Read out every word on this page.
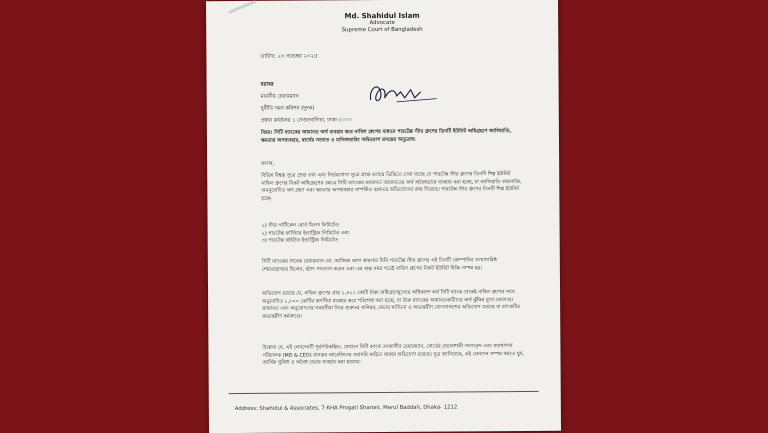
Md. Shahidul Islam
Advocate
Supreme Court of Bangladesh
তারিখ: ২০ নভেম্বর ২০২৫
বরাবর
মাননীয় চেয়ারম্যান
দুর্নীতি দমন কমিশন (দুদক)
প্রধান কার্যালয় ১ সেগুনবাগিচা, ঢাকা-১০০০
বিষয়: সিটি ব্যাংকের জামানত অর্থ ব্যবহার করে নাবিল গ্রুপের মাধ্যমে পারটেক্স স্টার গ্রুপের তিনটি ইউনিট অধিগ্রহণে জালিয়াতি, ক্ষমতার অপব্যবহার, স্বার্থের সংঘাত ও মানিলন্ডারিং অভিযোগ তদন্তের অনুরোধ।
জনাব,
বিভিন্ন বিশ্বস্ত সূত্রে প্রাপ্ত তথ্য এবং নির্ভরযোগ্য সূত্রে প্রাপ্ত তথ্যের ভিত্তিতে দেখা যাচ্ছে যে পারটেক্স স্টার গ্রুপের তিনটি শিল্প ইউনিট নাবিল গ্রুপের নিকট অধিগ্রহণের ক্ষেত্রে সিটি ব্যাংকের জামানত আমানতের অর্থ অবৈধভাবে ব্যবহার করা হচ্ছে, যা জালিয়াতি কারসাজি, অননুমোদিত ঋণ গ্রহণ এবং ক্ষমতার অপব্যবহার সম্পর্কিত গুরুতর অভিযোগের জন্ম দিয়েছে। পারটেক্স স্টার গ্রুপের তিনটি শিল্প ইউনিট হচ্ছে-
১) স্টার পার্টিকেল বোর্ড মিলস লিমিটেড
২) পারটেক্স ফার্নিচার ইন্ডাস্ট্রিজ লিমিটেড এবং
৩) পারটেক্স প্লাইউড ইন্ডাস্ট্রিজ লিমিটেড
সিটি ব্যাংকের সাবেক চেয়ারম্যান মো. আজিজ আল কায়সার যিনি পারটেক্স স্টার গ্রুপের এই তিনটি কোম্পানির সংখ্যাগরিষ্ঠ শেয়ারহোল্ডার ছিলেন, হঠাৎ পদত্যাগ করেন এবং এর অল্প সময় পরেই নাবিল গ্রুপের নিকট ইউনিট বিক্রি সম্পন্ন হয়।
অভিযোগ রয়েছে যে, নাবিল গ্রুপের প্রায় ১,৪০০ কোটি টাকা অধিগ্রহণমূল্যের অধিকাংশ অর্থ সিটি ব্যাংক থেকেই নাবিল গ্রুপের নামে অনুমোদিত ১,৮০০ কোটির ঋণসীমা ব্যবহার করে পরিশোধ করা হচ্ছে, যা উক্ত ব্যাংকের আমানতকারীদের অর্থ ঝুঁকির মুখে ফেলেছে। জামানত এবং অনুমোদনের সময়সীমা নিয়ে গুরুতর অনিয়ম, প্রভাব খাটানো ও অভ্যন্তরীণ যোগসাজশের অভিযোগ রয়েছে যা ব্যাংকটির অভ্যন্তরীণ কর্মকাণ্ডে।
উল্লেখ্য যে, এই লেনদেনটি পূর্বপরিকল্পিত, যেখানে সিটি ব্যাংক তৎকালীন চেয়ারম্যান, বোর্ডের প্রভাবশালী সদস্যবৃন্দ এবং ব্যবস্থাপনা পরিচালক (MD & CEO) মাসরুর আরেফিনের সরাসরি জড়িত থাকার অভিযোগ রয়েছে। সূত্র জানিয়েছে, এই লেনদেন সম্পন্ন করতে ঘুষ, আর্থিক সুবিধা ও অবৈধ প্রভাব ব্যবহার করা হয়েছে।
Address: Shahidul & Associates, 7-KHA Progati Sharoni, Merul Baddah, Dhaka- 1212
